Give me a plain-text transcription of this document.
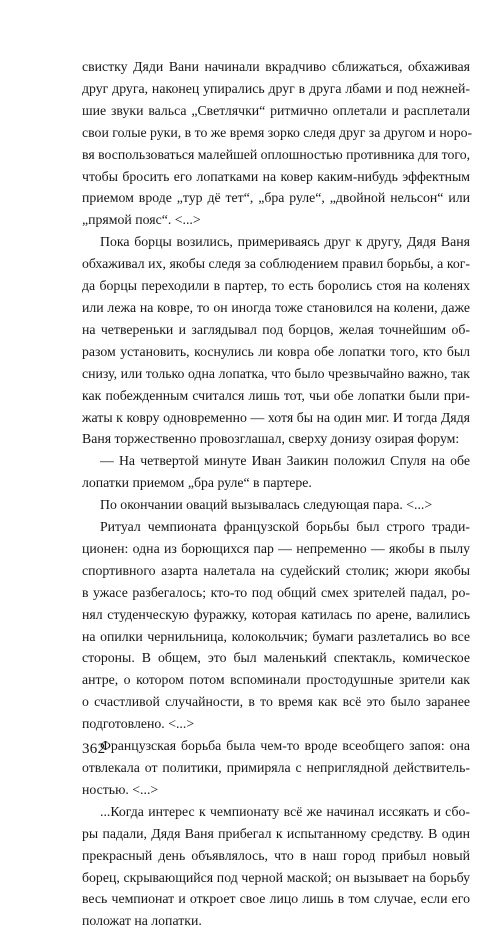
свистку Дяди Вани начинали вкрадчиво сближаться, обхаживая
друг друга, наконец упирались друг в друга лбами и под нежней-
шие звуки вальса „Светлячки“ ритмично оплетали и расплетали
свои голые руки, в то же время зорко следя друг за другом и норо-
вя воспользоваться малейшей оплошностью противника для того,
чтобы бросить его лопатками на ковер каким-нибудь эффектным
приемом вроде „тур дё тет“, „бра руле“, „двойной нельсон“ или
„прямой пояс“. <...>
Пока борцы возились, примериваясь друг к другу, Дядя Ваня
обхаживал их, якобы следя за соблюдением правил борьбы, а ког-
да борцы переходили в партер, то есть боролись стоя на коленях
или лежа на ковре, то он иногда тоже становился на колени, даже
на четвереньки и заглядывал под борцов, желая точнейшим об-
разом установить, коснулись ли ковра обе лопатки того, кто был
снизу, или только одна лопатка, что было чрезвычайно важно, так
как побежденным считался лишь тот, чьи обе лопатки были при-
жаты к ковру одновременно — хотя бы на один миг. И тогда Дядя
Ваня торжественно провозглашал, сверху донизу озирая форум:
— На четвертой минуте Иван Заикин положил Спуля на обе
лопатки приемом „бра руле“ в партере.
По окончании оваций вызывалась следующая пара. <...>
Ритуал чемпионата французской борьбы был строго тради-
ционен: одна из борющихся пар — непременно — якобы в пылу
спортивного азарта налетала на судейский столик; жюри якобы
в ужасе разбегалось; кто-то под общий смех зрителей падал, ро-
нял студенческую фуражку, которая катилась по арене, валились
на опилки чернильница, колокольчик; бумаги разлетались во все
стороны. В общем, это был маленький спектакль, комическое
антре, о котором потом вспоминали простодушные зрители как
о счастливой случайности, в то время как всё это было заранее
подготовлено. <...>
Французская борьба была чем-то вроде всеобщего запоя: она
отвлекала от политики, примиряла с неприглядной действитель-
ностью. <...>
...Когда интерес к чемпионату всё же начинал иссякать и сбо-
ры падали, Дядя Ваня прибегал к испытанному средству. В один
прекрасный день объявлялось, что в наш город прибыл новый
борец, скрывающийся под черной маской; он вызывает на борьбу
весь чемпионат и откроет свое лицо лишь в том случае, если его
положат на лопатки.
362
